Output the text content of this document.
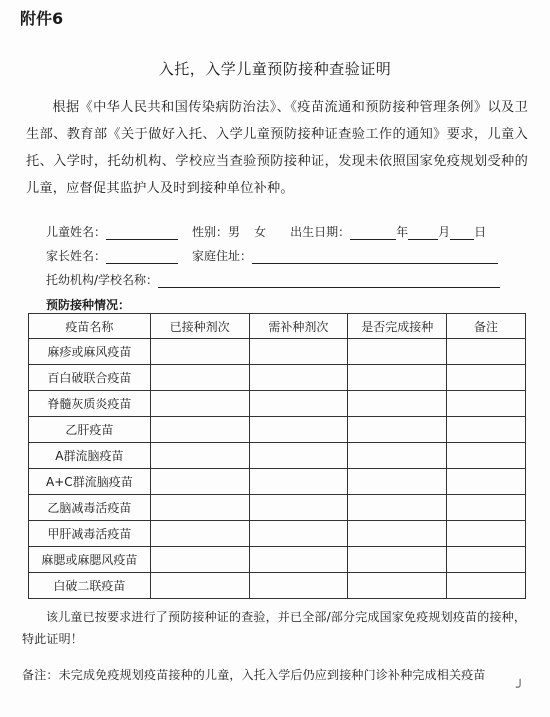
附件6
入托，入学儿童预防接种查验证明
根据《中华人民共和国传染病防治法》、《疫苗流通和预防接种管理条例》以及卫生部、教育部《关于做好入托、入学儿童预防接种证查验工作的通知》要求，儿童入托、入学时，托幼机构、学校应当查验预防接种证，发现未依照国家免疫规划受种的儿童，应督促其监护人及时到接种单位补种。
儿童姓名：	性别： 男 女 出生日期：	年	月 日
家长姓名：	家庭住址：
托幼机构/学校名称：
预防接种情况：
疫苗名称	已接种剂次	需补种剂次	是否完成接种	备注
麻疹或麻风疫苗				
百白破联合疫苗				
脊髓灰质炎疫苗				
乙肝疫苗				
A群流脑疫苗				
A+C群流脑疫苗				
乙脑减毒活疫苗				
甲肝减毒活疫苗				
麻腮或麻腮风疫苗				
白破二联疫苗				
该儿童已按要求进行了预防接种证的查验，并已全部/部分完成国家免疫规划疫苗的接种，特此证明！
备注：未完成免疫规划疫苗接种的儿童，入托入学后仍应到接种门诊补种完成相关疫苗
╯
